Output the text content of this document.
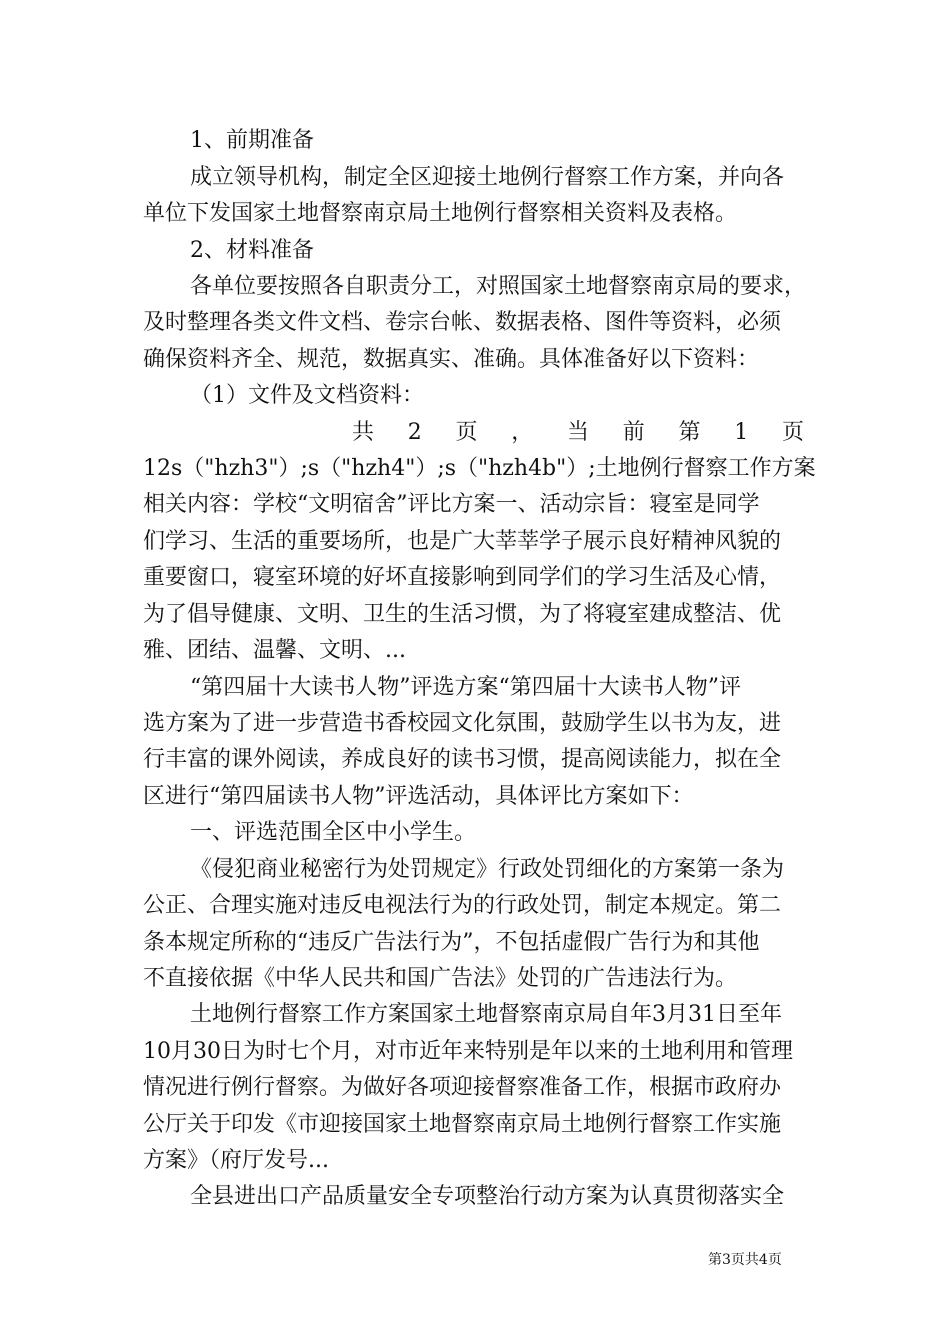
1、前期准备

成立领导机构，制定全区迎接土地例行督察工作方案，并向各

单位下发国家土地督察南京局土地例行督察相关资料及表格。

2、材料准备

各单位要按照各自职责分工，对照国家土地督察南京局的要求，

及时整理各类文件文档、卷宗台帐、数据表格、图件等资料，必须

确保资料齐全、规范，数据真实、准确。具体准备好以下资料：

（1）文件及文档资料：

共 2 页 ， 当 前 第 1 页

12s（"hzh3"）;s（"hzh4"）;s（"hzh4b"）;土地例行督察工作方案

相关内容：学校“文明宿舍”评比方案一、活动宗旨：寝室是同学

们学习、生活的重要场所，也是广大莘莘学子展示良好精神风貌的

重要窗口，寝室环境的好坏直接影响到同学们的学习生活及心情，

为了倡导健康、文明、卫生的生活习惯，为了将寝室建成整洁、优

雅、团结、温馨、文明、...

“第四届十大读书人物”评选方案“第四届十大读书人物”评

选方案为了进一步营造书香校园文化氛围，鼓励学生以书为友，进

行丰富的课外阅读，养成良好的读书习惯，提高阅读能力，拟在全

区进行“第四届读书人物”评选活动，具体评比方案如下：

一、评选范围全区中小学生。

《侵犯商业秘密行为处罚规定》行政处罚细化的方案第一条为

公正、合理实施对违反电视法行为的行政处罚，制定本规定。第二

条本规定所称的“违反广告法行为”，不包括虚假广告行为和其他

不直接依据《中华人民共和国广告法》处罚的广告违法行为。

土地例行督察工作方案国家土地督察南京局自年3月31日至年

10月30日为时七个月，对市近年来特别是年以来的土地利用和管理

情况进行例行督察。为做好各项迎接督察准备工作，根据市政府办

公厅关于印发《市迎接国家土地督察南京局土地例行督察工作实施

方案》（府厅发号...

全县进出口产品质量安全专项整治行动方案为认真贯彻落实全

第3页共4页
